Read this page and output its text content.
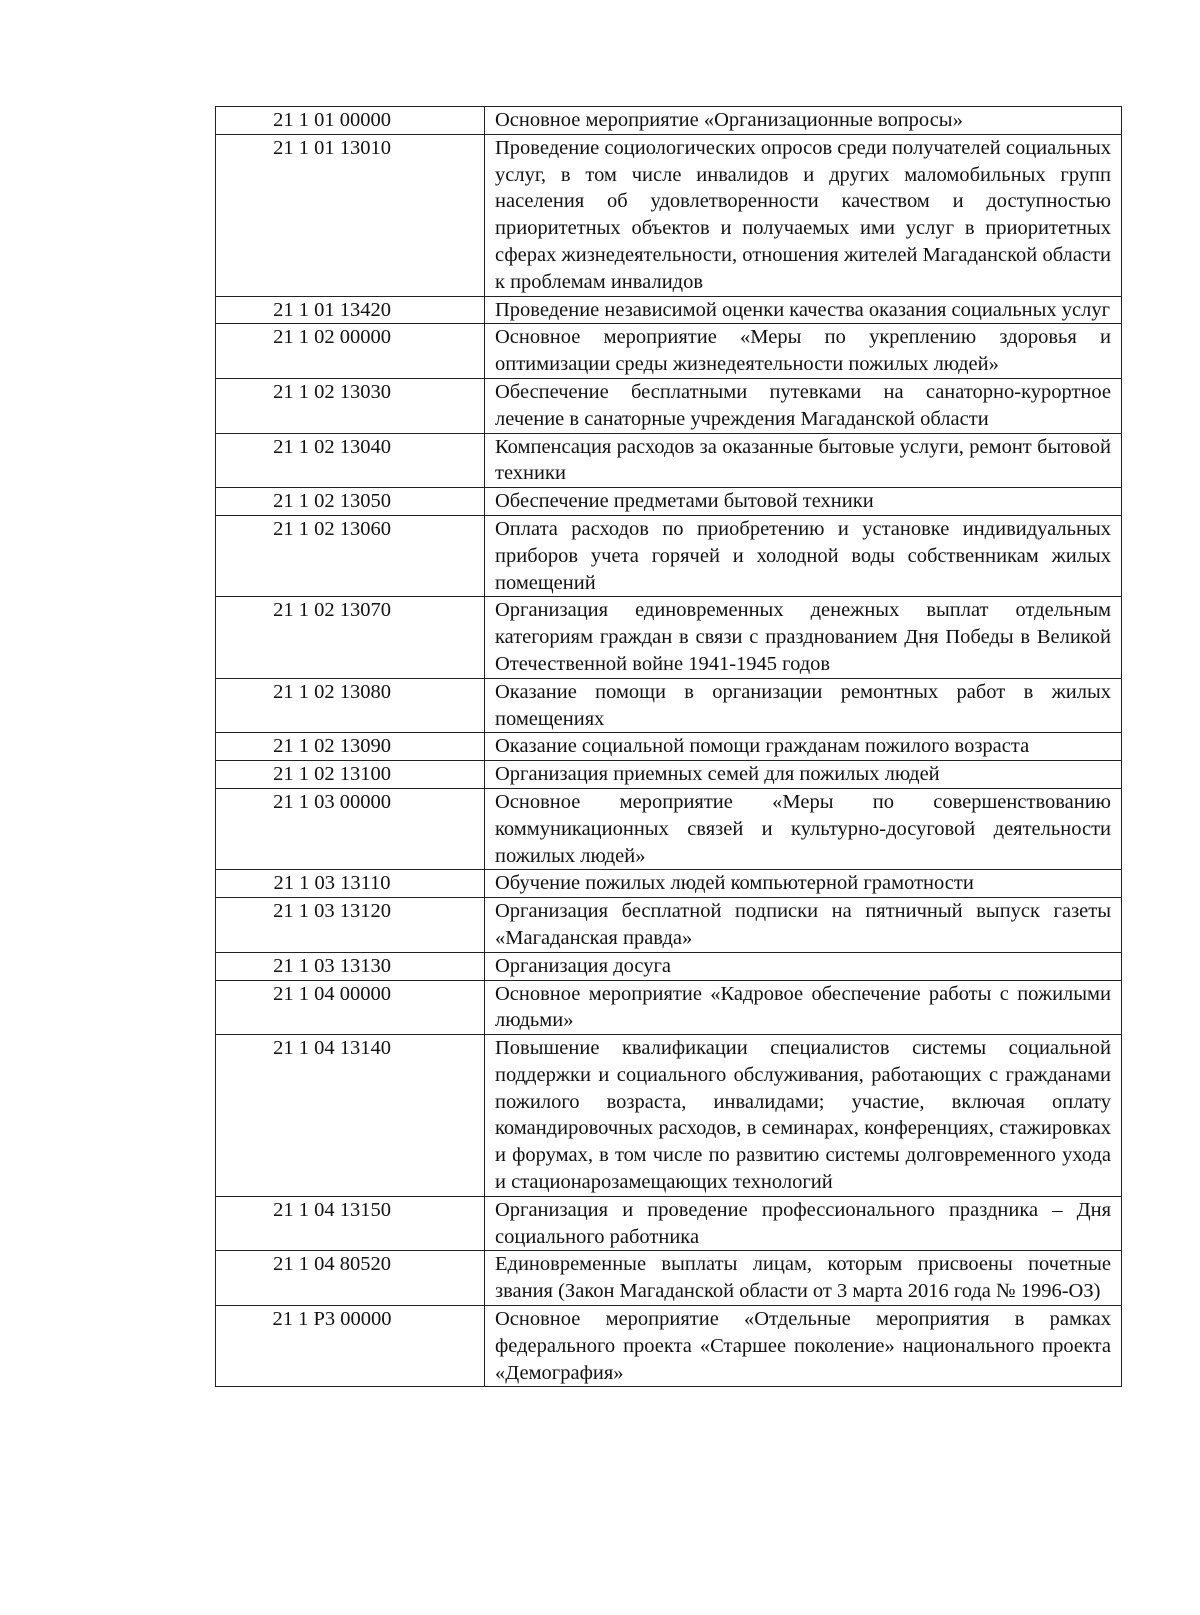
21 1 01 00000	Основное мероприятие «Организационные вопросы»
21 1 01 13010	Проведение социологических опросов среди получателей социальных услуг, в том числе инвалидов и других маломобильных групп населения об удовлетворенности качеством и доступностью приоритетных объектов и получаемых ими услуг в приоритетных сферах жизнедеятельности, отношения жителей Магаданской области к проблемам инвалидов
21 1 01 13420	Проведение независимой оценки качества оказания социальных услуг
21 1 02 00000	Основное мероприятие «Меры по укреплению здоровья и оптимизации среды жизнедеятельности пожилых людей»
21 1 02 13030	Обеспечение бесплатными путевками на санаторно-курортное лечение в санаторные учреждения Магаданской области
21 1 02 13040	Компенсация расходов за оказанные бытовые услуги, ремонт бытовой техники
21 1 02 13050	Обеспечение предметами бытовой техники
21 1 02 13060	Оплата расходов по приобретению и установке индивидуальных приборов учета горячей и холодной воды собственникам жилых помещений
21 1 02 13070	Организация единовременных денежных выплат отдельным категориям граждан в связи с празднованием Дня Победы в Великой Отечественной войне 1941-1945 годов
21 1 02 13080	Оказание помощи в организации ремонтных работ в жилых помещениях
21 1 02 13090	Оказание социальной помощи гражданам пожилого возраста
21 1 02 13100	Организация приемных семей для пожилых людей
21 1 03 00000	Основное мероприятие «Меры по совершенствованию коммуникационных связей и культурно-досуговой деятельности пожилых людей»
21 1 03 13110	Обучение пожилых людей компьютерной грамотности
21 1 03 13120	Организация бесплатной подписки на пятничный выпуск газеты «Магаданская правда»
21 1 03 13130	Организация досуга
21 1 04 00000	Основное мероприятие «Кадровое обеспечение работы с пожилыми людьми»
21 1 04 13140	Повышение квалификации специалистов системы социальной поддержки и социального обслуживания, работающих с гражданами пожилого возраста, инвалидами; участие, включая оплату командировочных расходов, в семинарах, конференциях, стажировках и форумах, в том числе по развитию системы долговременного ухода и стационарозамещающих технологий
21 1 04 13150	Организация и проведение профессионального праздника – Дня социального работника
21 1 04 80520	Единовременные выплаты лицам, которым присвоены почетные звания (Закон Магаданской области от 3 марта 2016 года № 1996-ОЗ)
21 1 P3 00000	Основное мероприятие «Отдельные мероприятия в рамках федерального проекта «Старшее поколение» национального проекта «Демография»
